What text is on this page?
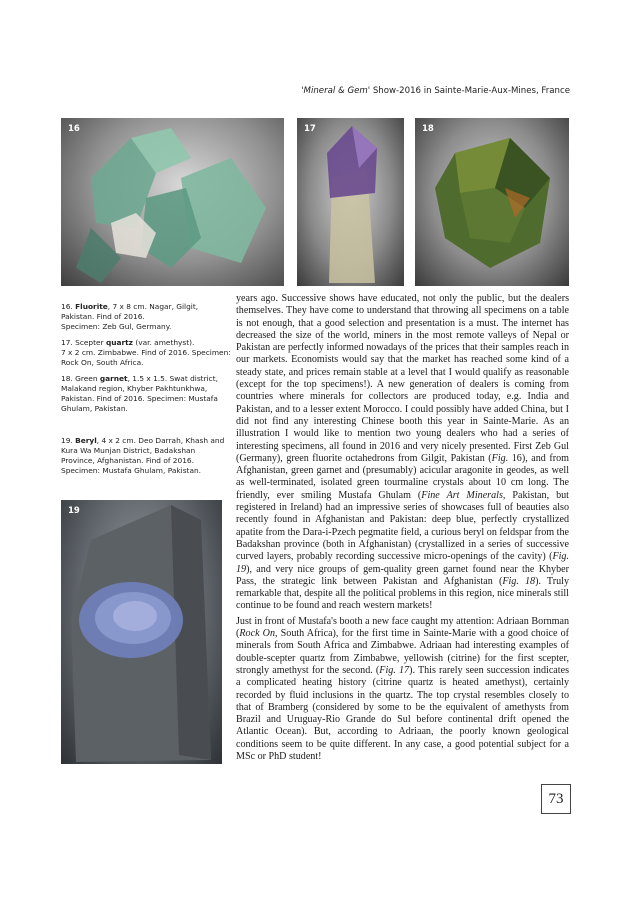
'Mineral & Gem' Show-2016 in Sainte-Marie-Aux-Mines, France
16	17	18
16. Fluorite, 7 x 8 cm. Nagar, Gilgit, Pakistan. Find of 2016.
Specimen: Zeb Gul, Germany.
17. Scepter quartz (var. amethyst).
7 x 2 cm. Zimbabwe. Find of 2016. Specimen: Rock On, South Africa.
18. Green garnet, 1.5 x 1.5. Swat district, Malakand region, Khyber Pakhtunkhwa, Pakistan. Find of 2016. Specimen: Mustafa Ghulam, Pakistan.
19. Beryl, 4 x 2 cm. Deo Darrah, Khash and Kura Wa Munjan District, Badakshan Province, Afghanistan. Find of 2016. Specimen: Mustafa Ghulam, Pakistan.
19

years ago. Successive shows have educated, not only the public, but the dealers themselves. They have come to understand that throwing all specimens on a table is not enough, that a good selection and presentation is a must. The internet has decreased the size of the world, miners in the most remote valleys of Nepal or Pakistan are perfectly informed nowadays of the prices that their samples reach in our markets. Economists would say that the market has reached some kind of a steady state, and prices remain stable at a level that I would qualify as reasonable (except for the top specimens!). A new generation of dealers is coming from countries where minerals for collectors are produced today, e.g. India and Pakistan, and to a lesser extent Morocco. I could possibly have added China, but I did not find any interesting Chinese booth this year in Sainte-Marie. As an illustration I would like to mention two young dealers who had a series of interesting specimens, all found in 2016 and very nicely presented. First Zeb Gul (Germany), green fluorite octahedrons from Gilgit, Pakistan (Fig. 16), and from Afghanistan, green garnet and (presumably) acicular aragonite in geodes, as well as well-terminated, isolated green tourmaline crystals about 10 cm long. The friendly, ever smiling Mustafa Ghulam (Fine Art Minerals, Pakistan, but registered in Ireland) had an impressive series of showcases full of beauties also recently found in Afghanistan and Pakistan: deep blue, perfectly crystallized apatite from the Dara-i-Pzech pegmatite field, a curious beryl on feldspar from the Badakshan province (both in Afghanistan) (crystallized in a series of successive curved layers, probably recording successive micro-openings of the cavity) (Fig. 19), and very nice groups of gem-quality green garnet found near the Khyber Pass, the strategic link between Pakistan and Afghanistan (Fig. 18). Truly remarkable that, despite all the political problems in this region, nice minerals still continue to be found and reach western markets!

Just in front of Mustafa's booth a new face caught my attention: Adriaan Bornman (Rock On, South Africa), for the first time in Sainte-Marie with a good choice of minerals from South Africa and Zimbabwe. Adriaan had interesting examples of double-scepter quartz from Zimbabwe, yellowish (citrine) for the first scepter, strongly amethyst for the second. (Fig. 17). This rarely seen succession indicates a complicated heating history (citrine quartz is heated amethyst), certainly recorded by fluid inclusions in the quartz. The top crystal resembles closely to that of Bramberg (considered by some to be the equivalent of amethysts from Brazil and Uruguay-Rio Grande do Sul before continental drift opened the Atlantic Ocean). But, according to Adriaan, the poorly known geological conditions seem to be quite different. In any case, a good potential subject for a MSc or PhD student!

73
